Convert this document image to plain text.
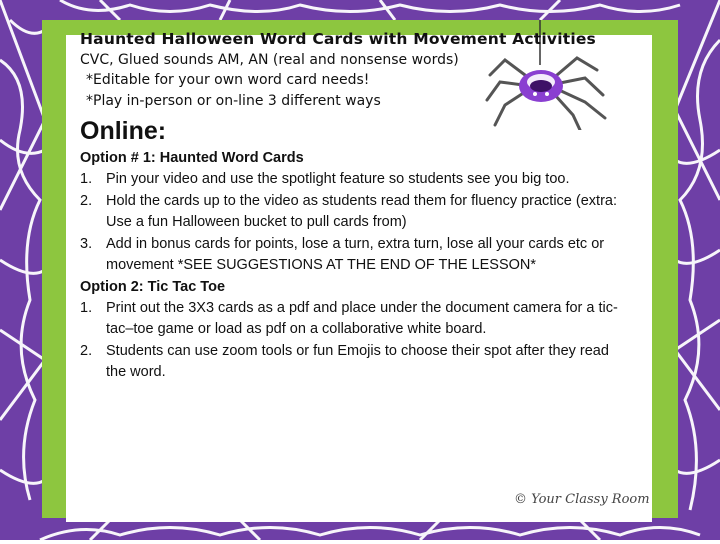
Haunted Halloween Word Cards with Movement Activities

CVC, Glued sounds AM, AN (real and nonsense words)

*Editable for your own word card needs!

*Play in-person or on-line 3 different ways

Online:

Option # 1: Haunted Word Cards

1. Pin your video and use the spotlight feature so students see you big too.
2. Hold the cards up to the video as students read them for fluency practice (extra: Use a fun Halloween bucket to pull cards from)
3. Add in bonus cards for points, lose a turn, extra turn, lose all your cards etc or movement *SEE SUGGESTIONS AT THE END OF THE LESSON*

Option 2: Tic Tac Toe

1. Print out the 3X3 cards as a pdf and place under the document camera for a tic-tac–toe game or load as pdf on a collaborative white board.
2. Students can use zoom tools or fun Emojis to choose their spot after they read the word.
© Your Classy Room
